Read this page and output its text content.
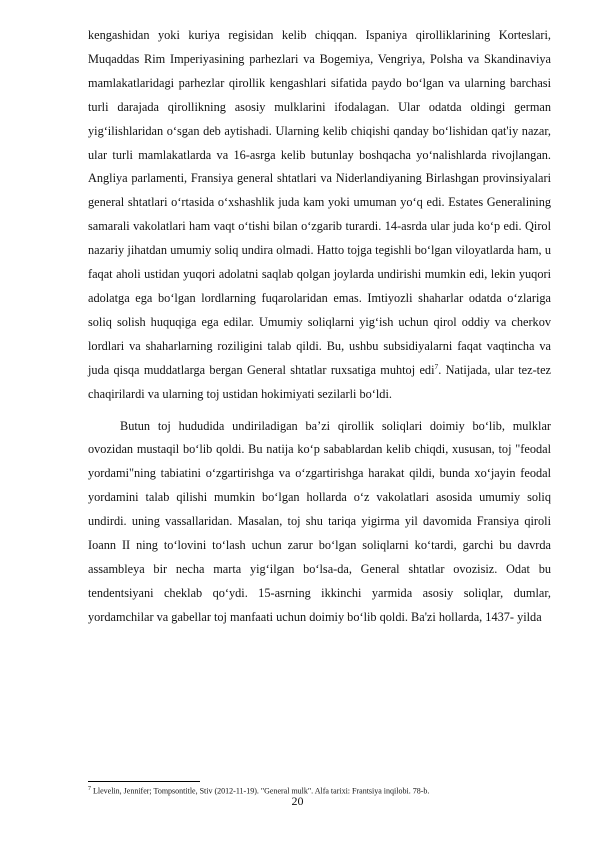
kengashidan yoki kuriya regisidan kelib chiqqan. Ispaniya qirolliklarining Korteslari, Muqaddas Rim Imperiyasining parhezlari va Bogemiya, Vengriya, Polsha va Skandinaviya mamlakatlaridagi parhezlar qirollik kengashlari sifatida paydo bo‘lgan va ularning barchasi turli darajada qirollikning asosiy mulklarini ifodalagan. Ular odatda oldingi german yig‘ilishlaridan o‘sgan deb aytishadi. Ularning kelib chiqishi qanday bo‘lishidan qat'iy nazar, ular turli mamlakatlarda va 16-asrga kelib butunlay boshqacha yo‘nalishlarda rivojlangan. Angliya parlamenti, Fransiya general shtatlari va Niderlandiyaning Birlashgan provinsiyalari general shtatlari o‘rtasida o‘xshashlik juda kam yoki umuman yo‘q edi. Estates Generalining samarali vakolatlari ham vaqt o‘tishi bilan o‘zgarib turardi. 14-asrda ular juda ko‘p edi. Qirol nazariy jihatdan umumiy soliq undira olmadi. Hatto tojga tegishli bo‘lgan viloyatlarda ham, u faqat aholi ustidan yuqori adolatni saqlab qolgan joylarda undirishi mumkin edi, lekin yuqori adolatga ega bo‘lgan lordlarning fuqarolaridan emas. Imtiyozli shaharlar odatda o‘zlariga soliq solish huquqiga ega edilar. Umumiy soliqlarni yig‘ish uchun qirol oddiy va cherkov lordlari va shaharlarning roziligini talab qildi. Bu, ushbu subsidiyalarni faqat vaqtincha va juda qisqa muddatlarga bergan General shtatlar ruxsatiga muhtoj edi$^7$. Natijada, ular tez-tez chaqirilardi va ularning toj ustidan hokimiyati sezilarli bo‘ldi.

Butun toj hududida undiriladigan ba’zi qirollik soliqlari doimiy bo‘lib, mulklar ovozidan mustaqil bo‘lib qoldi. Bu natija ko‘p sabablardan kelib chiqdi, xususan, toj "feodal yordami"ning tabiatini o‘zgartirishga va o‘zgartirishga harakat qildi, bunda xo‘jayin feodal yordamini talab qilishi mumkin bo‘lgan hollarda o‘z vakolatlari asosida umumiy soliq undirdi. uning vassallaridan. Masalan, toj shu tariqa yigirma yil davomida Fransiya qiroli Ioann II ning to‘lovini to‘lash uchun zarur bo‘lgan soliqlarni ko‘tardi, garchi bu davrda assambleya bir necha marta yig‘ilgan bo‘lsa-da, General shtatlar ovozisiz. Odat bu tendentsiyani cheklab qo‘ydi. 15-asrning ikkinchi yarmida asosiy soliqlar, dumlar, yordamchilar va gabellar toj manfaati uchun doimiy bo‘lib qoldi. Ba'zi hollarda, 1437- yilda

$^7$ Llevelin, Jennifer; Tompsontitle, Stiv (2012-11-19). "General mulk". Alfa tarixi: Frantsiya inqilobi. 78-b.
20
